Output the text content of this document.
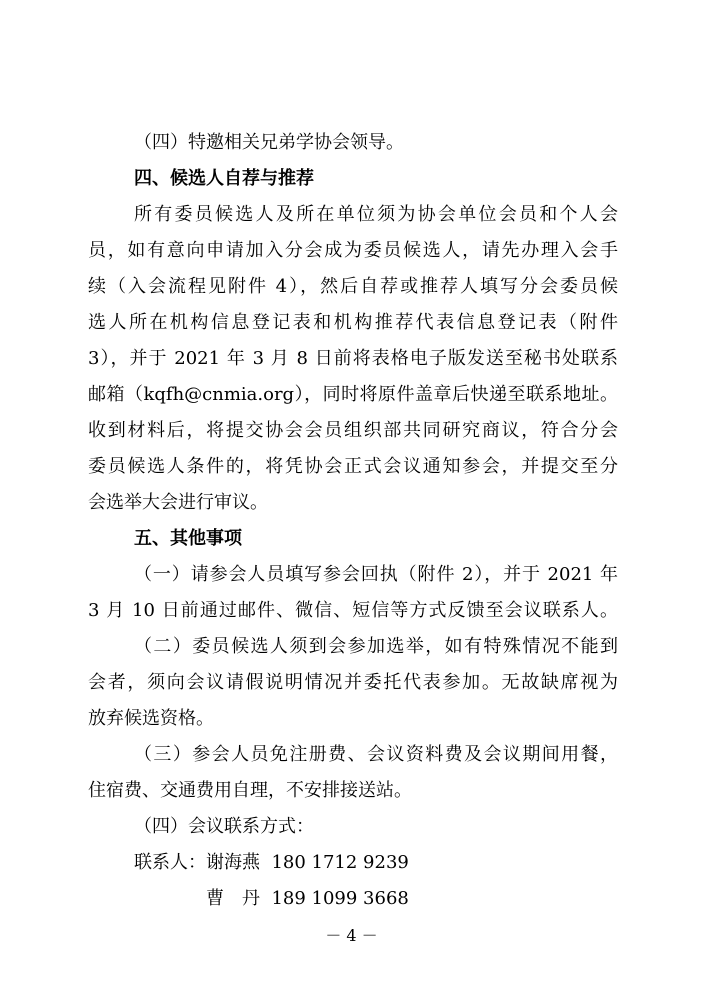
（四）特邀相关兄弟学协会领导。
四、候选人自荐与推荐
所有委员候选人及所在单位须为协会单位会员和个人会
员，如有意向申请加入分会成为委员候选人，请先办理入会手
续（入会流程见附件 4），然后自荐或推荐人填写分会委员候
选人所在机构信息登记表和机构推荐代表信息登记表（附件
3），并于 2021 年 3 月 8 日前将表格电子版发送至秘书处联系
邮箱（kqfh@cnmia.org），同时将原件盖章后快递至联系地址。
收到材料后，将提交协会会员组织部共同研究商议，符合分会
委员候选人条件的，将凭协会正式会议通知参会，并提交至分
会选举大会进行审议。
五、其他事项
（一）请参会人员填写参会回执（附件 2），并于 2021 年
3 月 10 日前通过邮件、微信、短信等方式反馈至会议联系人。
（二）委员候选人须到会参加选举，如有特殊情况不能到
会者，须向会议请假说明情况并委托代表参加。无故缺席视为
放弃候选资格。
（三）参会人员免注册费、会议资料费及会议期间用餐，
住宿费、交通费用自理，不安排接送站。
（四）会议联系方式：
联系人：谢海燕 180 1712 9239
曹　丹 189 1099 3668
－ 4 －
